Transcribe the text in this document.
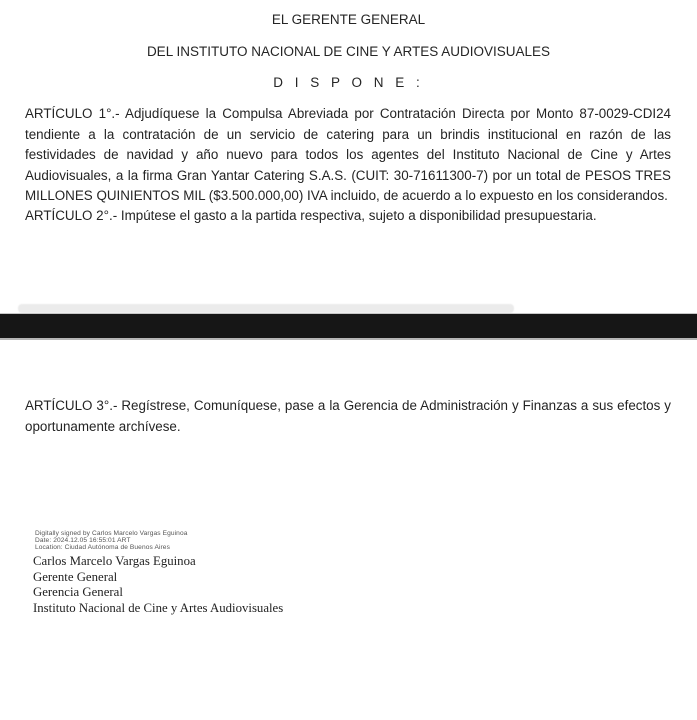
EL GERENTE GENERAL
DEL INSTITUTO NACIONAL DE CINE Y ARTES AUDIOVISUALES
D I S P O N E :

ARTÍCULO 1°.- Adjudíquese la Compulsa Abreviada por Contratación Directa por Monto 87-0029-CDI24 tendiente a la contratación de un servicio de catering para un brindis institucional en razón de las festividades de navidad y año nuevo para todos los agentes del Instituto Nacional de Cine y Artes Audiovisuales, a la firma Gran Yantar Catering S.A.S. (CUIT: 30-71611300-7) por un total de PESOS TRES MILLONES QUINIENTOS MIL ($3.500.000,00) IVA incluido, de acuerdo a lo expuesto en los considerandos.

ARTÍCULO 2°.- Impútese el gasto a la partida respectiva, sujeto a disponibilidad presupuestaria.

ARTÍCULO 3°.- Regístrese, Comuníquese, pase a la Gerencia de Administración y Finanzas a sus efectos y oportunamente archívese.

Digitally signed by Carlos Marcelo Vargas Eguinoa
Date: 2024.12.05 16:55:01 ART
Location: Ciudad Autónoma de Buenos Aires
Carlos Marcelo Vargas Eguinoa
Gerente General
Gerencia General
Instituto Nacional de Cine y Artes Audiovisuales
